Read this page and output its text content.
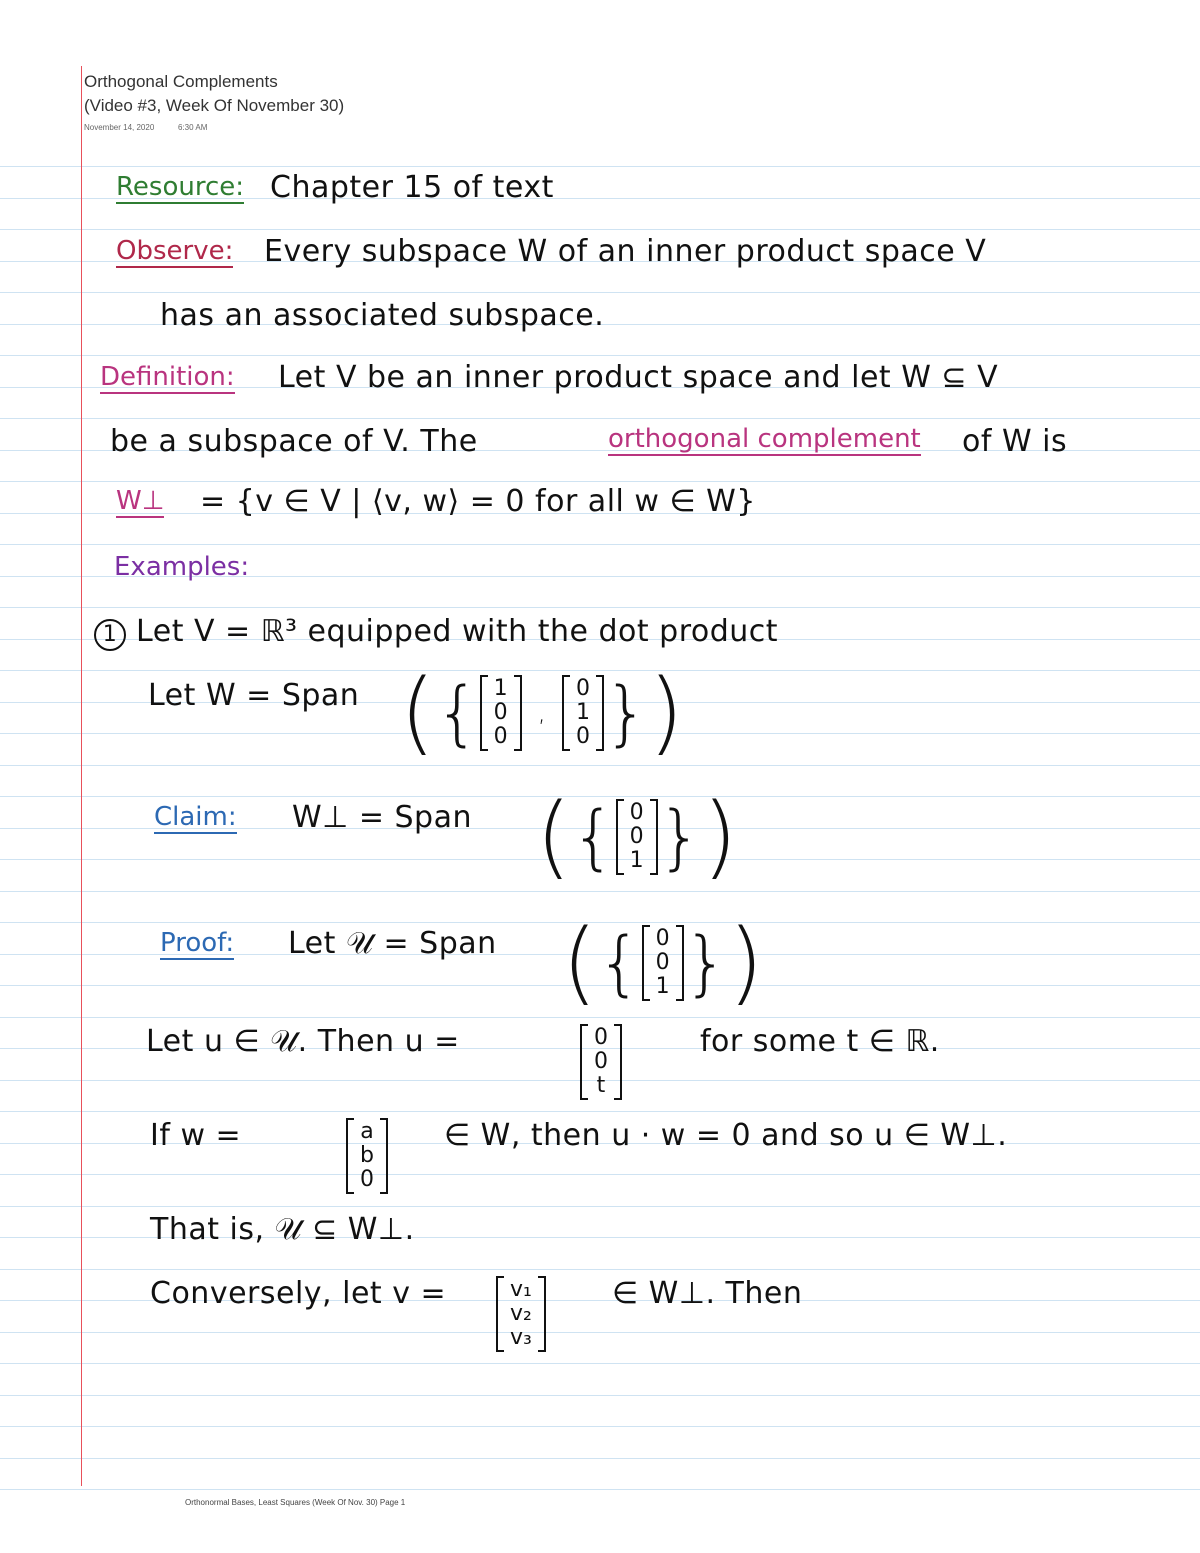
Orthogonal Complements
(Video #3, Week Of November 30)
November 14, 2020	6:30 AM
Resource: Chapter 15 of text
Observe: Every subspace W of an inner product space V
has an associated subspace.
Definition: Let V be an inner product space and let W ⊆ V
be a subspace of V. The	orthogonal complement of W is
W⊥ = {v ∈ V | ⟨v, w⟩ = 0 for all w ∈ W}
Examples:
1 Let V = ℝ³ equipped with the dot product
Let W = Span ( { 1
0
0
,
0
1
0 } )
Claim: W⊥ = Span ( { 0
0
1 } )
Proof: Let 𝒰 = Span ( { 0
0
1 } )
Let u ∈ 𝒰. Then u =	0
0
t
for some t ∈ ℝ.
If w =	a
b
0
∈ W, then u · w = 0 and so u ∈ W⊥.
That is, 𝒰 ⊆ W⊥.
Conversely, let v =	v₁
v₂
v₃
∈ W⊥. Then
Orthonormal Bases, Least Squares (Week Of Nov. 30) Page 1
